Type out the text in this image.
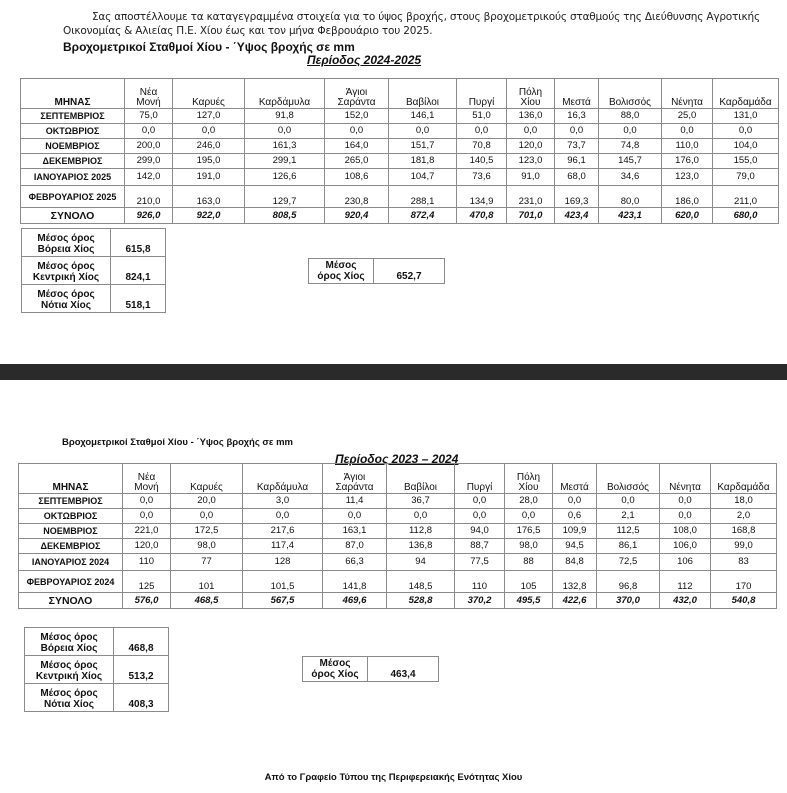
Σας αποστέλλουμε τα καταγεγραμμένα στοιχεία για το ύψος βροχής, στους βροχομετρικούς σταθμούς της Διεύθυνσης Αγροτικής
Οικονομίας & Αλιείας Π.Ε. Χίου έως και τον μήνα Φεβρουάριο του 2025.
Βροχομετρικοί Σταθμοί Χίου - ΄Υψος βροχής σε mm
Περίοδος 2024-2025
ΜΗΝΑΣ	Νέα Μονή	Καρυές	Καρδάμυλα	Άγιοι Σαράντα	Βαβίλοι	Πυργί	Πόλη Χίου	Μεστά	Βολισσός	Νένητα	Καρδαμάδα
ΣΕΠΤΕΜΒΡΙΟΣ	75,0	127,0	91,8	152,0	146,1	51,0	136,0	16,3	88,0	25,0	131,0
ΟΚΤΩΒΡΙΟΣ	0,0	0,0	0,0	0,0	0,0	0,0	0,0	0,0	0,0	0,0	0,0
ΝΟΕΜΒΡΙΟΣ	200,0	246,0	161,3	164,0	151,7	70,8	120,0	73,7	74,8	110,0	104,0
ΔΕΚΕΜΒΡΙΟΣ	299,0	195,0	299,1	265,0	181,8	140,5	123,0	96,1	145,7	176,0	155,0
ΙΑΝΟΥΑΡΙΟΣ 2025	142,0	191,0	126,6	108,6	104,7	73,6	91,0	68,0	34,6	123,0	79,0
ΦΕΒΡΟΥΑΡΙΟΣ 2025	210,0	163,0	129,7	230,8	288,1	134,9	231,0	169,3	80,0	186,0	211,0
ΣΥΝΟΛΟ	926,0	922,0	808,5	920,4	872,4	470,8	701,0	423,4	423,1	620,0	680,0
Μέσος όρος Βόρεια Χίος	615,8
Μέσος όρος Κεντρική Χίος	824,1
Μέσος όρος Νότια Χίος	518,1
Μέσος όρος Χίος	652,7
Βροχομετρικοί Σταθμοί Χίου - ΄Υψος βροχής σε mm
Περίοδος 2023 – 2024
ΜΗΝΑΣ	Νέα Μονή	Καρυές	Καρδάμυλα	Άγιοι Σαράντα	Βαβίλοι	Πυργί	Πόλη Χίου	Μεστά	Βολισσός	Νένητα	Καρδαμάδα
ΣΕΠΤΕΜΒΡΙΟΣ	0,0	20,0	3,0	11,4	36,7	0,0	28,0	0,0	0,0	0,0	18,0
ΟΚΤΩΒΡΙΟΣ	0,0	0,0	0,0	0,0	0,0	0,0	0,0	0,6	2,1	0,0	2,0
ΝΟΕΜΒΡΙΟΣ	221,0	172,5	217,6	163,1	112,8	94,0	176,5	109,9	112,5	108,0	168,8
ΔΕΚΕΜΒΡΙΟΣ	120,0	98,0	117,4	87,0	136,8	88,7	98,0	94,5	86,1	106,0	99,0
ΙΑΝΟΥΑΡΙΟΣ 2024	110	77	128	66,3	94	77,5	88	84,8	72,5	106	83
ΦΕΒΡΟΥΑΡΙΟΣ 2024	125	101	101,5	141,8	148,5	110	105	132,8	96,8	112	170
ΣΥΝΟΛΟ	576,0	468,5	567,5	469,6	528,8	370,2	495,5	422,6	370,0	432,0	540,8
Μέσος όρος Βόρεια Χίος	468,8
Μέσος όρος Κεντρική Χίος	513,2
Μέσος όρος Νότια Χίος	408,3
Μέσος όρος Χίος	463,4
Από το Γραφείο Τύπου της Περιφερειακής Ενότητας Χίου
